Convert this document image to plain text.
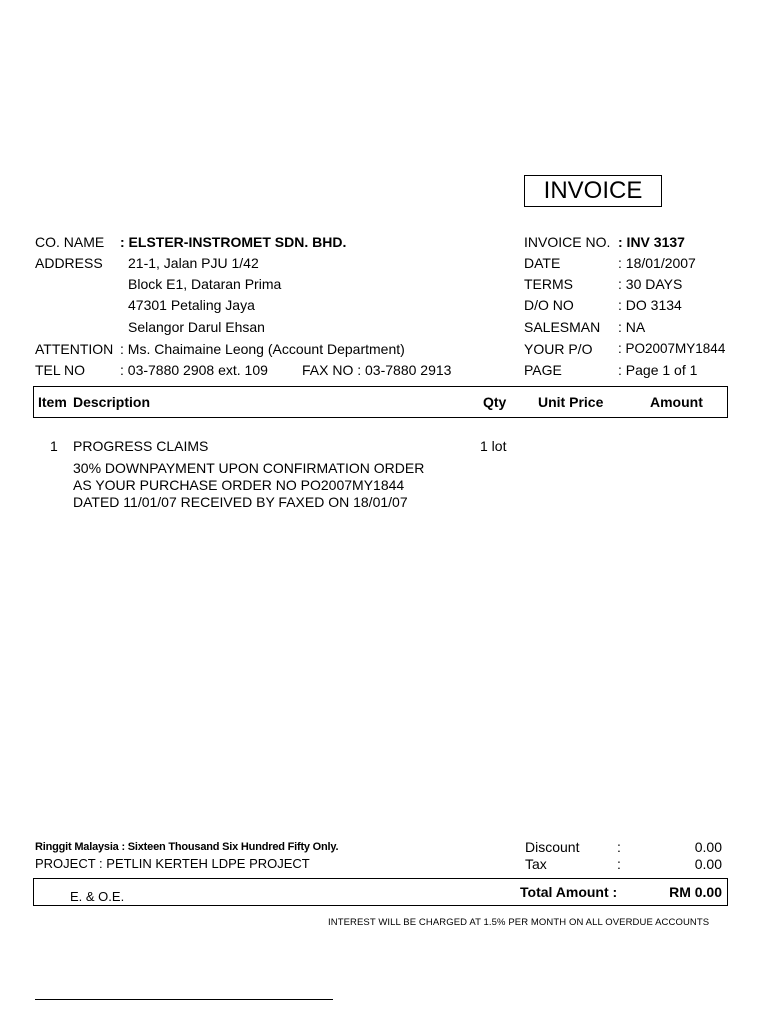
INVOICE
CO. NAME : ELSTER-INSTROMET SDN. BHD.
ADDRESS 21-1, Jalan PJU 1/42
Block E1, Dataran Prima
47301 Petaling Jaya
Selangor Darul Ehsan
ATTENTION : Ms. Chaimaine Leong (Account Department)
TEL NO : 03-7880 2908 ext. 109 FAX NO : 03-7880 2913
INVOICE NO. : INV 3137
DATE	: 18/01/2007
TERMS	: 30 DAYS
D/O NO	: DO 3134
SALESMAN : NA
YOUR P/O : PO2007MY1844
PAGE	: Page 1 of 1
Item Description	Qty Unit Price	Amount
1 PROGRESS CLAIMS	1 lot
30% DOWNPAYMENT UPON CONFIRMATION ORDER
AS YOUR PURCHASE ORDER NO PO2007MY1844
DATED 11/01/07 RECEIVED BY FAXED ON 18/01/07
Ringgit Malaysia : Sixteen Thousand Six Hundred Fifty Only.
PROJECT : PETLIN KERTEH LDPE PROJECT
Discount	:	0.00
Tax	:	0.00
E. & O.E.	Total Amount :	RM 0.00
INTEREST WILL BE CHARGED AT 1.5% PER MONTH ON ALL OVERDUE ACCOUNTS
